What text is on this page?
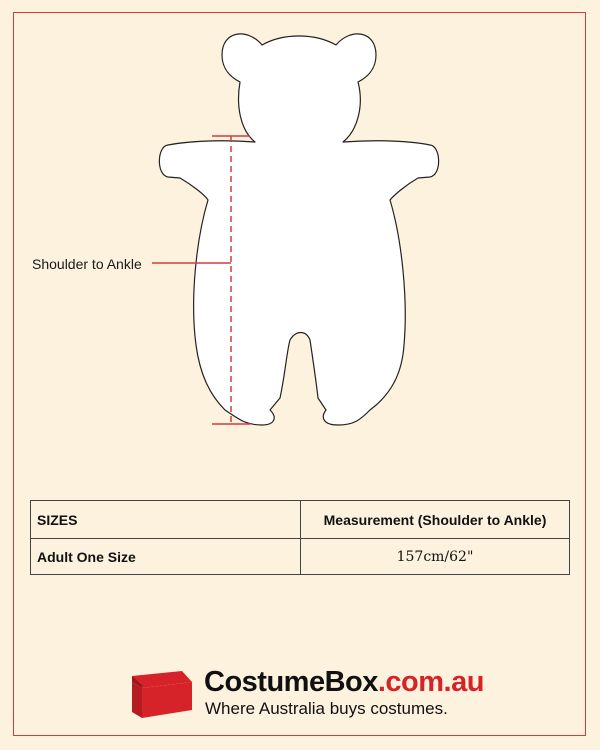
Shoulder to Ankle
SIZES	Measurement (Shoulder to Ankle)
Adult One Size	157cm/62"
CostumeBox.com.au
Where Australia buys costumes.
